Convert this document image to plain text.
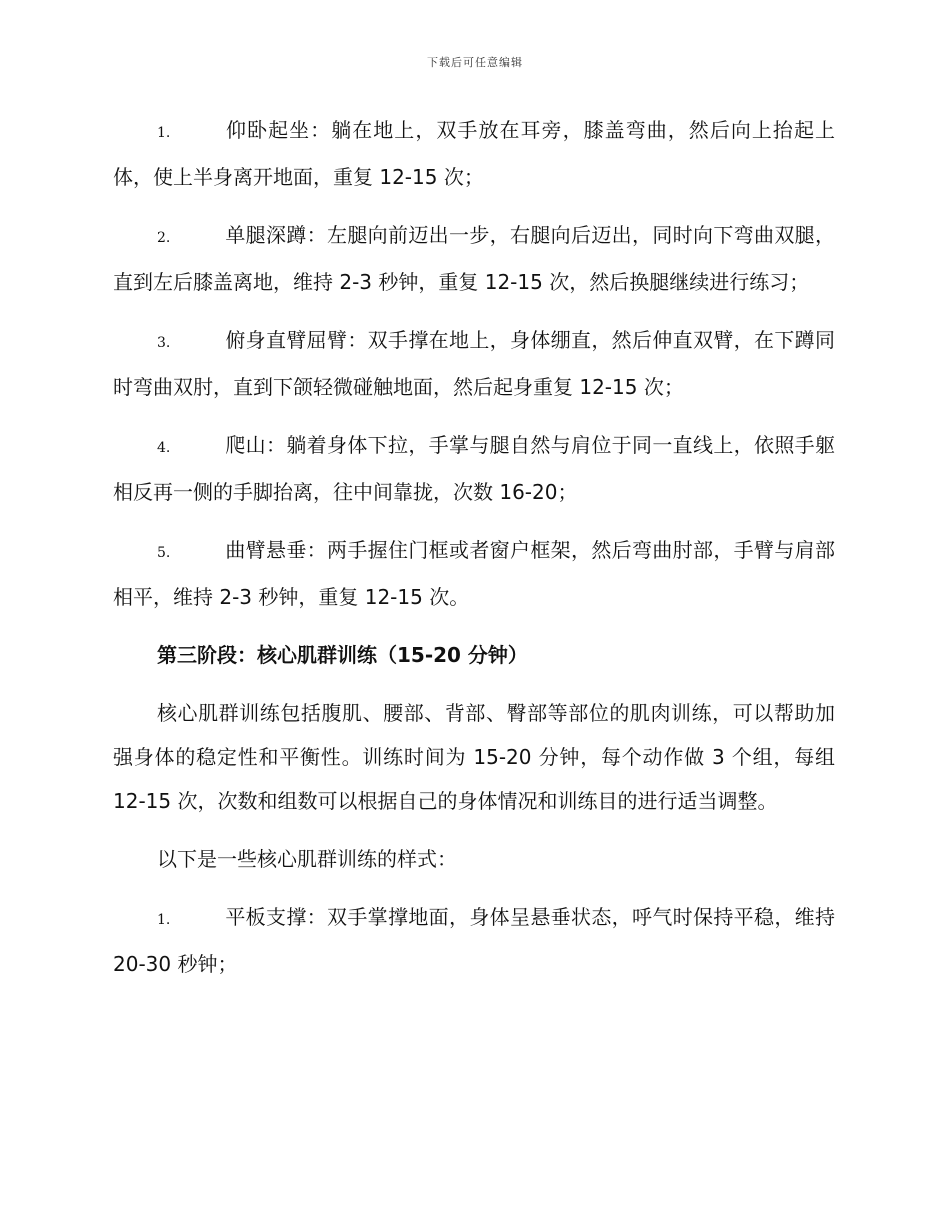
下载后可任意编辑

1.	仰卧起坐：躺在地上，双手放在耳旁，膝盖弯曲，然后向上抬起上体，使上半身离开地面，重复 12-15 次；

2.	单腿深蹲：左腿向前迈出一步，右腿向后迈出，同时向下弯曲双腿，直到左后膝盖离地，维持 2-3 秒钟，重复 12-15 次，然后换腿继续进行练习；

3.	俯身直臂屈臂：双手撑在地上，身体绷直，然后伸直双臂，在下蹲同时弯曲双肘，直到下颌轻微碰触地面，然后起身重复 12-15 次；

4.	爬山：躺着身体下拉，手掌与腿自然与肩位于同一直线上，依照手躯相反再一侧的手脚抬离，往中间靠拢，次数 16-20；

5.	曲臂悬垂：两手握住门框或者窗户框架，然后弯曲肘部，手臂与肩部相平，维持 2-3 秒钟，重复 12-15 次。

第三阶段：核心肌群训练（15-20 分钟）

核心肌群训练包括腹肌、腰部、背部、臀部等部位的肌肉训练，可以帮助加强身体的稳定性和平衡性。训练时间为 15-20 分钟，每个动作做 3 个组，每组 12-15 次，次数和组数可以根据自己的身体情况和训练目的进行适当调整。

以下是一些核心肌群训练的样式：

1.	平板支撑：双手掌撑地面，身体呈悬垂状态，呼气时保持平稳，维持 20-30 秒钟；
